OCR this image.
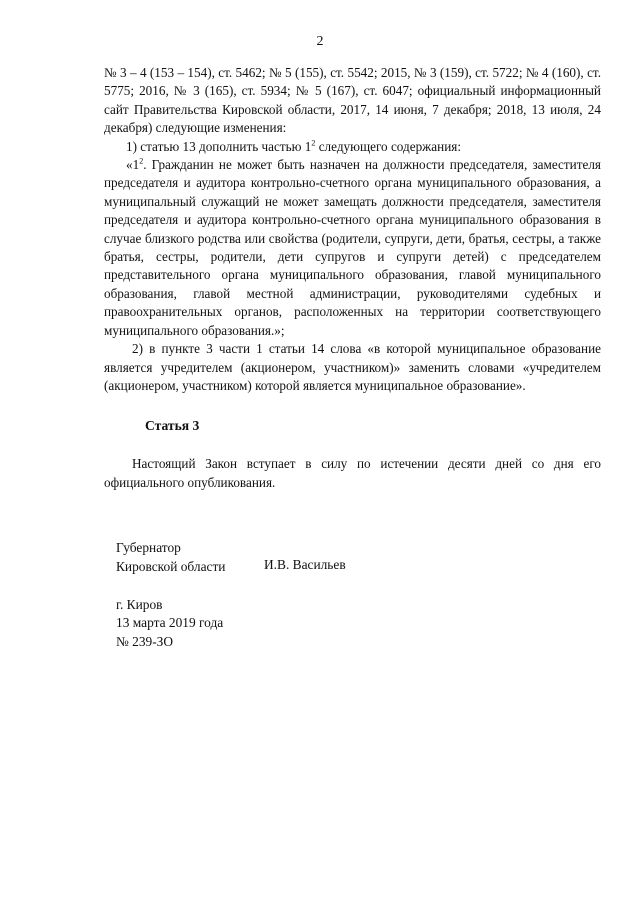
2

№ 3 – 4 (153 – 154), ст. 5462; № 5 (155), ст. 5542; 2015, № 3 (159), ст. 5722; № 4 (160), ст. 5775; 2016, № 3 (165), ст. 5934; № 5 (167), ст. 6047; официальный информационный сайт Правительства Кировской области, 2017, 14 июня, 7 декабря; 2018, 13 июля, 24 декабря) следующие изменения:

1) статью 13 дополнить частью $1^2$ следующего содержания:

«$1^2$. Гражданин не может быть назначен на должности председателя, заместителя председателя и аудитора контрольно-счетного органа муниципального образования, а муниципальный служащий не может замещать должности председателя, заместителя председателя и аудитора контрольно-счетного органа муниципального образования в случае близкого родства или свойства (родители, супруги, дети, братья, сестры, а также братья, сестры, родители, дети супругов и супруги детей) с председателем представительного органа муниципального образования, главой муниципального образования, главой местной администрации, руководителями судебных и правоохранительных органов, расположенных на территории соответствующего муниципального образования.»;

2) в пункте 3 части 1 статьи 14 слова «в которой муниципальное образование является учредителем (акционером, участником)» заменить словами «учредителем (акционером, участником) которой является муниципальное образование».

Статья 3

Настоящий Закон вступает в силу по истечении десяти дней со дня его официального опубликования.

Губернатор
Кировской области	И.В. Васильев
г. Киров
13 марта 2019 года
№ 239-ЗО
